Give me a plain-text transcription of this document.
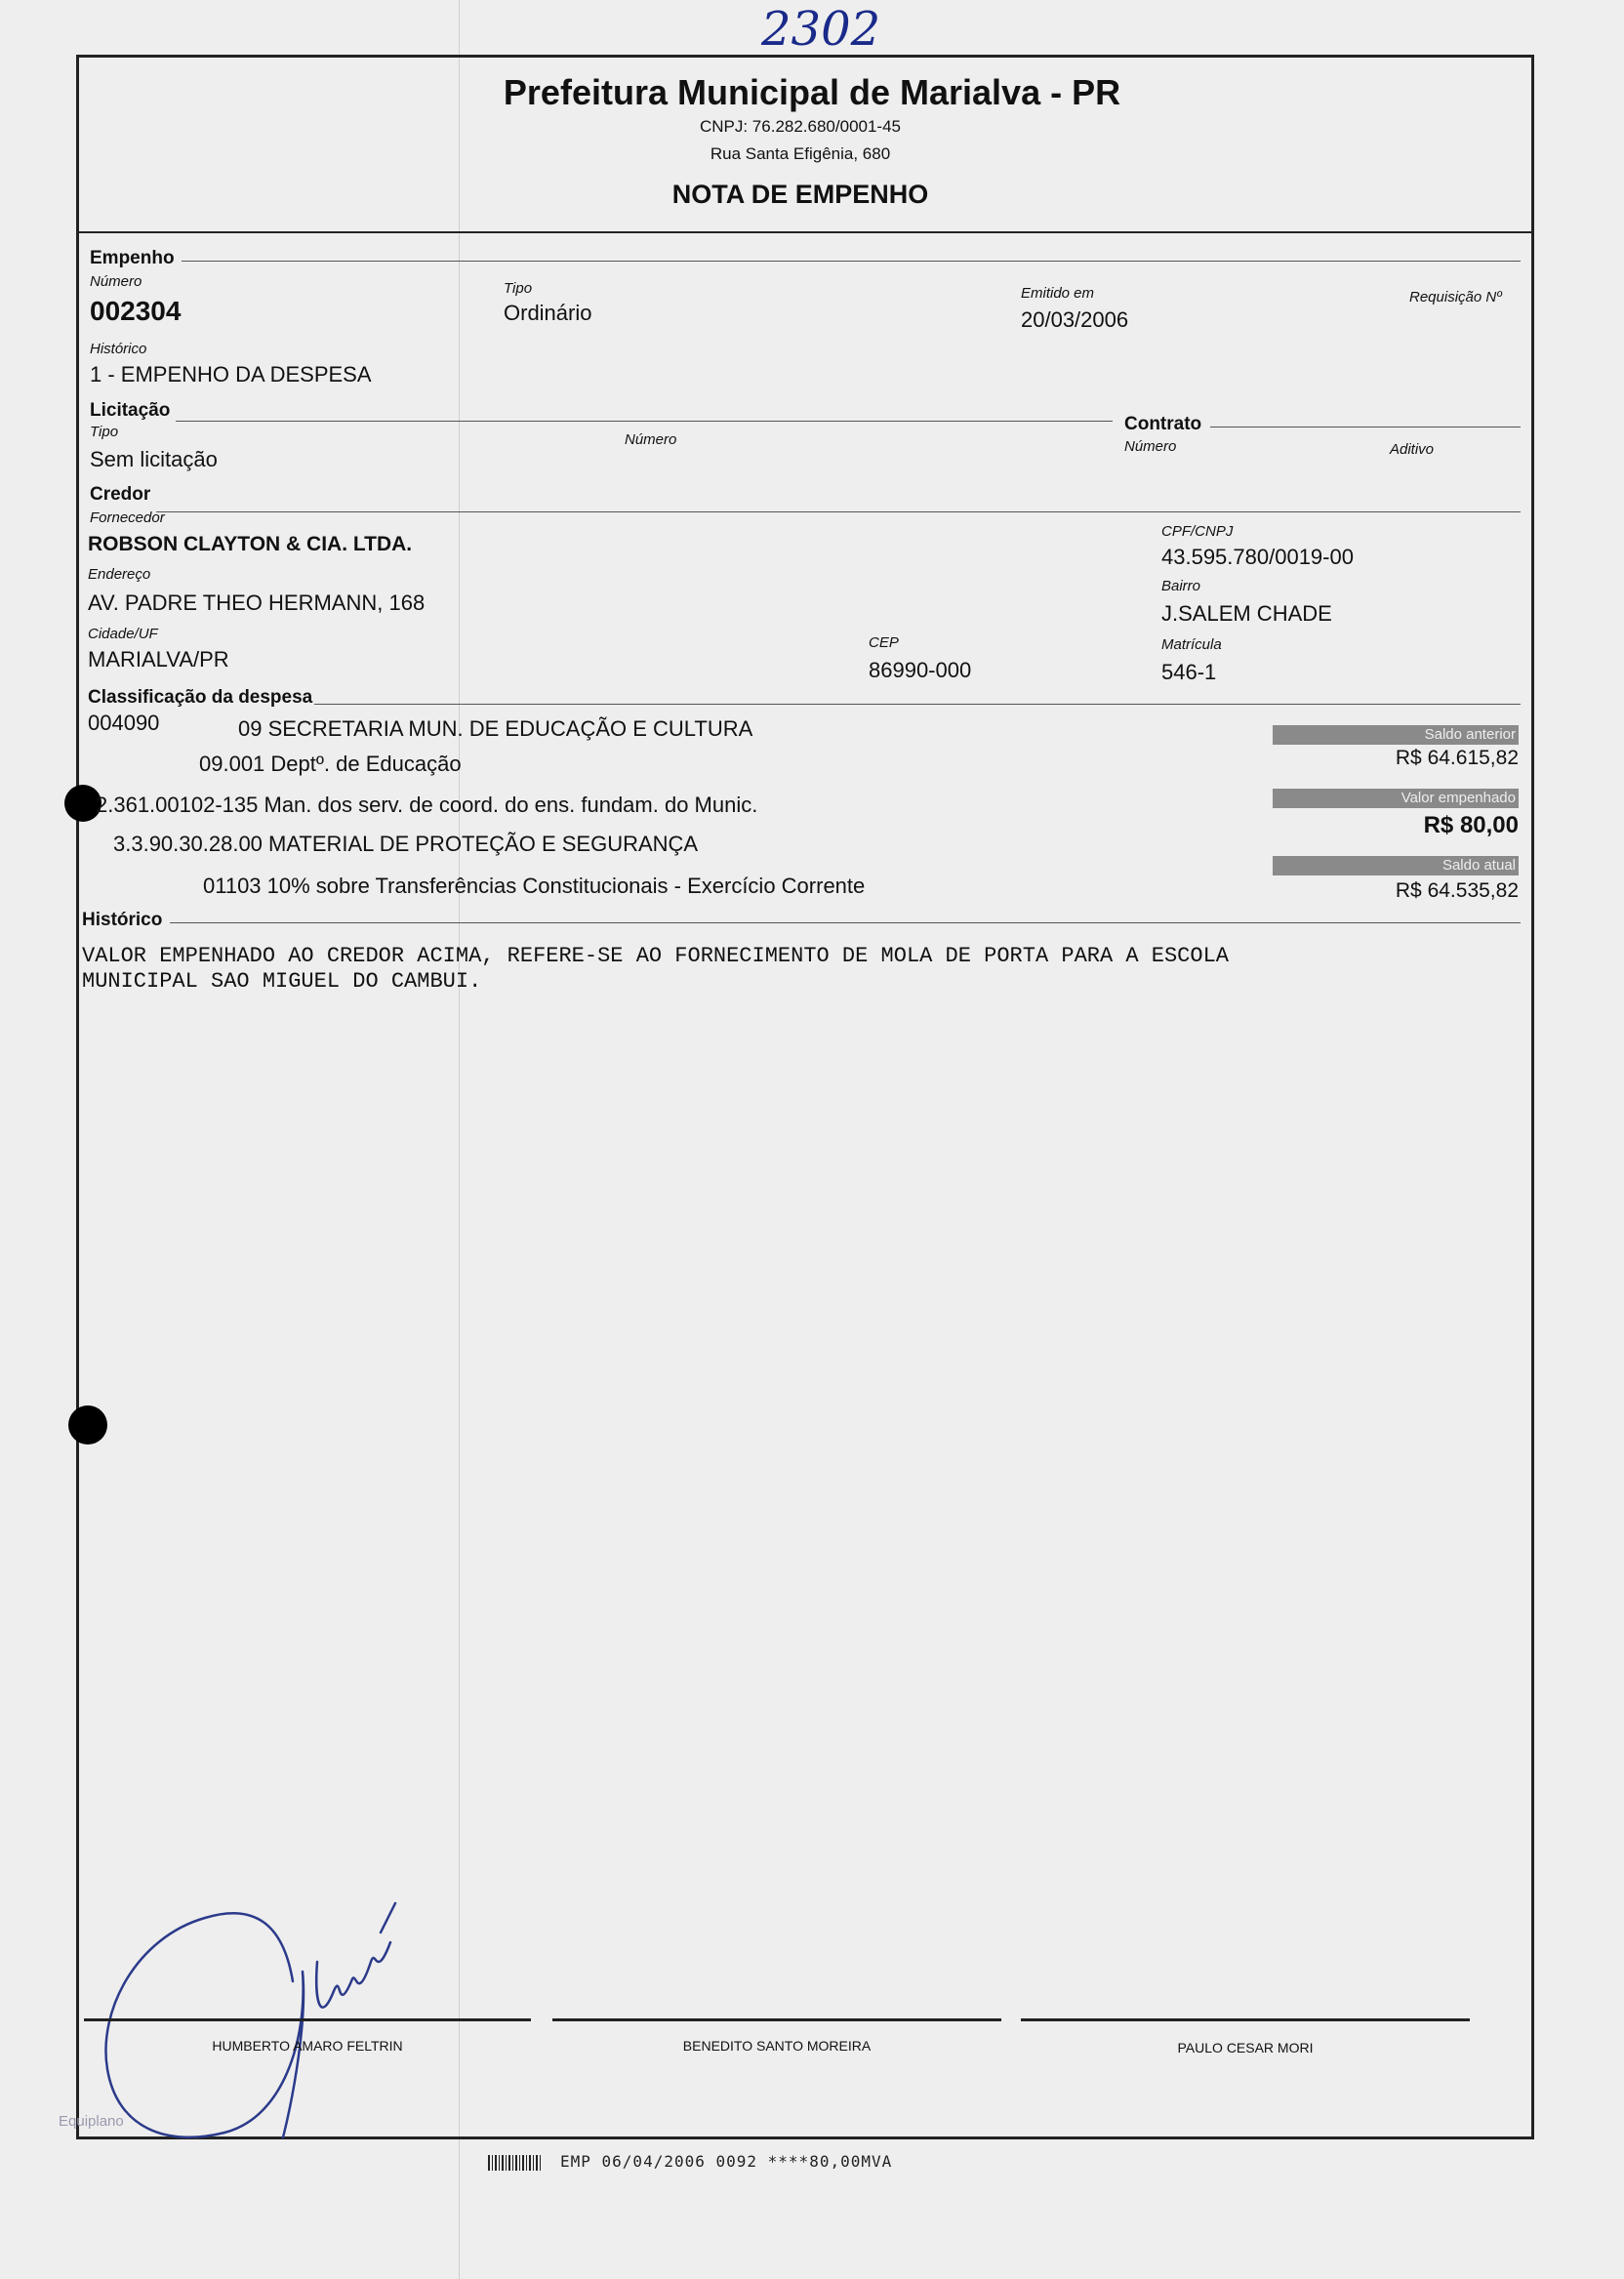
2302
Prefeitura Municipal de Marialva - PR
CNPJ: 76.282.680/0001-45
Rua Santa Efigênia, 680
NOTA DE EMPENHO
Empenho
Número
002304
Tipo
Ordinário
Emitido em
20/03/2006
Requisição Nº
Histórico
1 - EMPENHO DA DESPESA
Licitação
Tipo
Sem licitação
Número
Contrato
Número	Aditivo
Credor
Fornecedor
ROBSON CLAYTON & CIA. LTDA.
CPF/CNPJ
43.595.780/0019-00
Endereço
AV. PADRE THEO HERMANN, 168
Bairro
J.SALEM CHADE
Cidade/UF
MARIALVA/PR
CEP
86990-000
Matrícula
546-1
Classificação da despesa
004090	09 SECRETARIA MUN. DE EDUCAÇÃO E CULTURA
09.001 Deptº. de Educação
2.361.00102-135 Man. dos serv. de coord. do ens. fundam. do Munic.
3.3.90.30.28.00 MATERIAL DE PROTEÇÃO E SEGURANÇA
01103 10% sobre Transferências Constitucionais - Exercício Corrente
Saldo anterior
R$ 64.615,82
Valor empenhado
R$ 80,00
Saldo atual
R$ 64.535,82
Histórico
VALOR EMPENHADO AO CREDOR ACIMA, REFERE-SE AO FORNECIMENTO DE MOLA DE PORTA PARA A ESCOLA
MUNICIPAL SAO MIGUEL DO CAMBUI.
HUMBERTO AMARO FELTRIN	BENEDITO SANTO MOREIRA	PAULO CESAR MORI
Equiplano
EMP 06/04/2006 0092 ****80,00MVA
